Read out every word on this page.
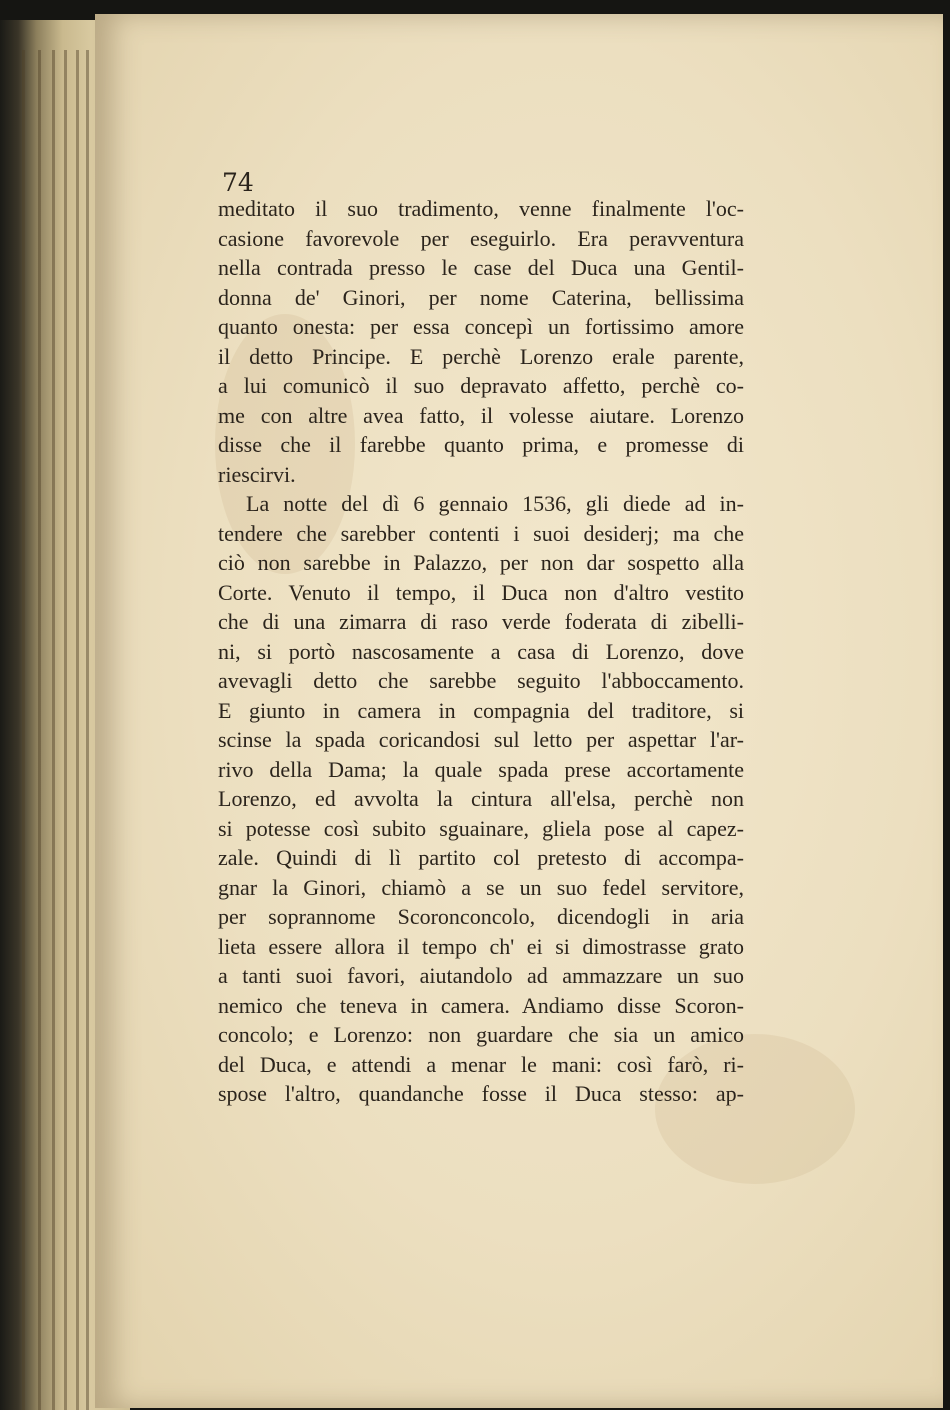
74

meditato il suo tradimento, venne finalmente l'oc-
casione favorevole per eseguirlo. Era peravventura
nella contrada presso le case del Duca una Gentil-
donna de' Ginori, per nome Caterina, bellissima
quanto onesta: per essa concepì un fortissimo amore
il detto Principe. E perchè Lorenzo erale parente,
a lui comunicò il suo depravato affetto, perchè co-
me con altre avea fatto, il volesse aiutare. Lorenzo
disse che il farebbe quanto prima, e promesse di
riescirvi.
La notte del dì 6 gennaio 1536, gli diede ad in-
tendere che sarebber contenti i suoi desiderj; ma che
ciò non sarebbe in Palazzo, per non dar sospetto alla
Corte. Venuto il tempo, il Duca non d'altro vestito
che di una zimarra di raso verde foderata di zibelli-
ni, si portò nascosamente a casa di Lorenzo, dove
avevagli detto che sarebbe seguito l'abboccamento.
E giunto in camera in compagnia del traditore, si
scinse la spada coricandosi sul letto per aspettar l'ar-
rivo della Dama; la quale spada prese accortamente
Lorenzo, ed avvolta la cintura all'elsa, perchè non
si potesse così subito sguainare, gliela pose al capez-
zale. Quindi di lì partito col pretesto di accompa-
gnar la Ginori, chiamò a se un suo fedel servitore,
per soprannome Scoronconcolo, dicendogli in aria
lieta essere allora il tempo ch' ei si dimostrasse grato
a tanti suoi favori, aiutandolo ad ammazzare un suo
nemico che teneva in camera. Andiamo disse Scoron-
concolo; e Lorenzo: non guardare che sia un amico
del Duca, e attendi a menar le mani: così farò, ri-
spose l'altro, quandanche fosse il Duca stesso: ap-
